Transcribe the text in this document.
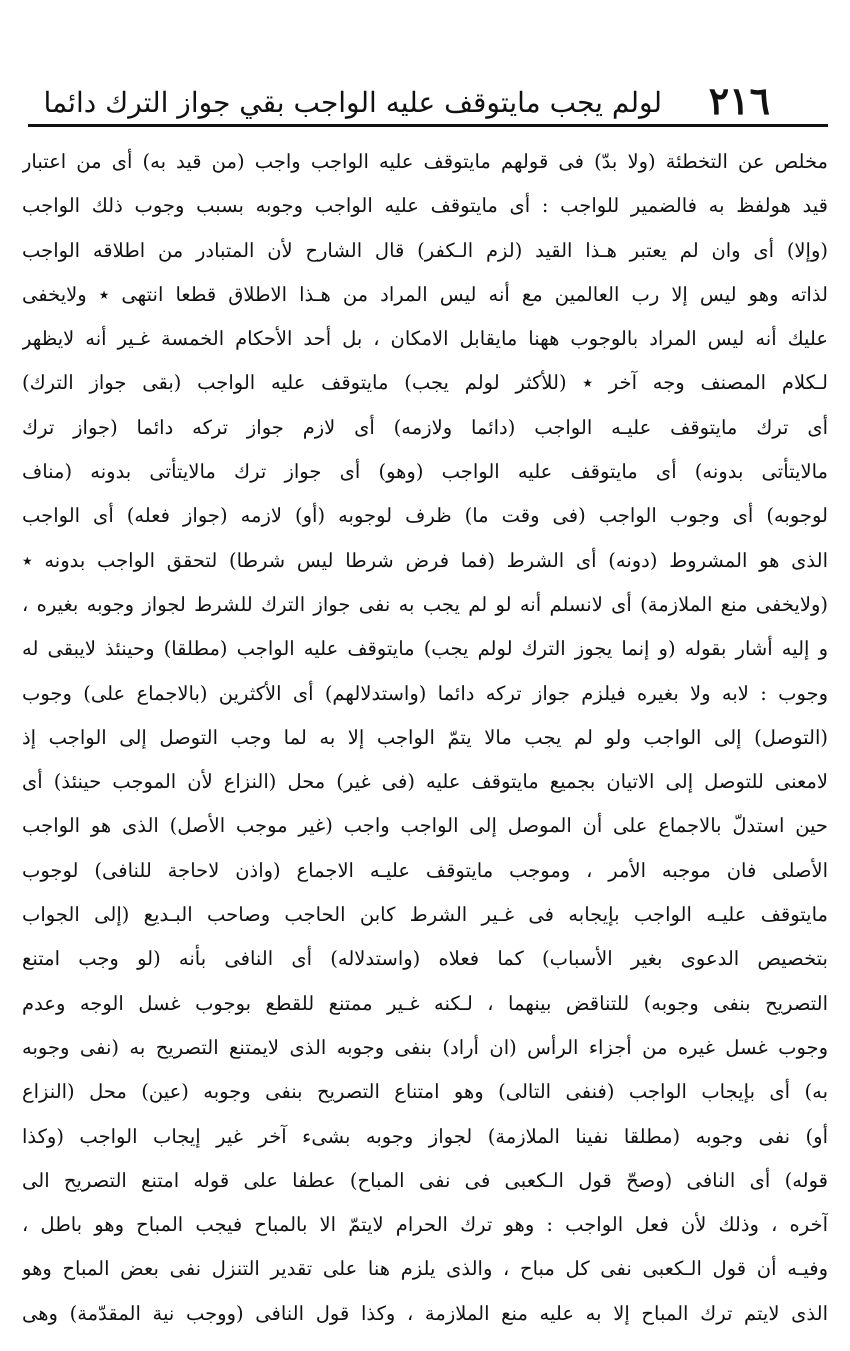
٢١٦
لولم يجب مايتوقف عليه الواجب بقي جواز الترك دائما
مخلص عن التخطئة (ولا بدّ) فى قولهم مايتوقف عليه الواجب واجب (من قيد به) أى من اعتبار
قيد هولفظ به فالضمير للواجب : أى مايتوقف عليه الواجب وجوبه بسبب وجوب ذلك الواجب
(وإلا) أى وان لم يعتبر هـذا القيد (لزم الـكفر) قال الشارح لأن المتبادر من اطلاقه الواجب
لذاته وهو ليس إلا رب العالمين مع أنه ليس المراد من هـذا الاطلاق قطعا انتهى ٭ ولايخفى
عليك أنه ليس المراد بالوجوب ههنا مايقابل الامكان ، بل أحد الأحكام الخمسة غـير أنه لايظهر
لـكلام المصنف وجه آخر ٭ (للأكثر لولم يجب) مايتوقف عليه الواجب (بقى جواز الترك)
أى ترك مايتوقف عليـه الواجب (دائما ولازمه) أى لازم جواز تركه دائما (جواز ترك
مالايتأتى بدونه) أى مايتوقف عليه الواجب (وهو) أى جواز ترك مالايتأتى بدونه (مناف
لوجوبه) أى وجوب الواجب (فى وقت ما) ظرف لوجوبه (أو) لازمه (جواز فعله) أى الواجب
الذى هو المشروط (دونه) أى الشرط (فما فرض شرطا ليس شرطا) لتحقق الواجب بدونه ٭
(ولايخفى منع الملازمة) أى لانسلم أنه لو لم يجب به نفى جواز الترك للشرط لجواز وجوبه بغيره ،
و إليه أشار بقوله (و إنما يجوز الترك لولم يجب) مايتوقف عليه الواجب (مطلقا) وحينئذ لايبقى له
وجوب : لابه ولا بغيره فيلزم جواز تركه دائما (واستدلالهم) أى الأكثرين (بالاجماع على) وجوب
(التوصل) إلى الواجب ولو لم يجب مالا يتمّ الواجب إلا به لما وجب التوصل إلى الواجب إذ
لامعنى للتوصل إلى الاتيان بجميع مايتوقف عليه (فى غير) محل (النزاع لأن الموجب حينئذ) أى
حين استدلّ بالاجماع على أن الموصل إلى الواجب واجب (غير موجب الأصل) الذى هو الواجب
الأصلى فان موجبه الأمر ، وموجب مايتوقف عليـه الاجماع (واذن لاحاجة للنافى) لوجوب
مايتوقف عليـه الواجب بإيجابه فى غـير الشرط كابن الحاجب وصاحب البـديع (إلى الجواب
بتخصيص الدعوى بغير الأسباب) كما فعلاه (واستدلاله) أى النافى بأنه (لو وجب امتنع
التصريح بنفى وجوبه) للتناقض بينهما ، لـكنه غـير ممتنع للقطع بوجوب غسل الوجه وعدم
وجوب غسل غيره من أجزاء الرأس (ان أراد) بنفى وجوبه الذى لايمتنع التصريح به (نفى وجوبه
به) أى بإيجاب الواجب (فنفى التالى) وهو امتناع التصريح بنفى وجوبه (عين) محل (النزاع
أو) نفى وجوبه (مطلقا نفينا الملازمة) لجواز وجوبه بشىء آخر غير إيجاب الواجب (وكذا
قوله) أى النافى (وصحّ قول الـكعبى فى نفى المباح) عطفا على قوله امتنع التصريح الى
آخره ، وذلك لأن فعل الواجب : وهو ترك الحرام لايتمّ الا بالمباح فيجب المباح وهو باطل ،
وفيـه أن قول الـكعبى نفى كل مباح ، والذى يلزم هنا على تقدير التنزل نفى بعض المباح وهو
الذى لايتم ترك المباح إلا به عليه منع الملازمة ، وكذا قول النافى (ووجب نية المقدّمة) وهى
